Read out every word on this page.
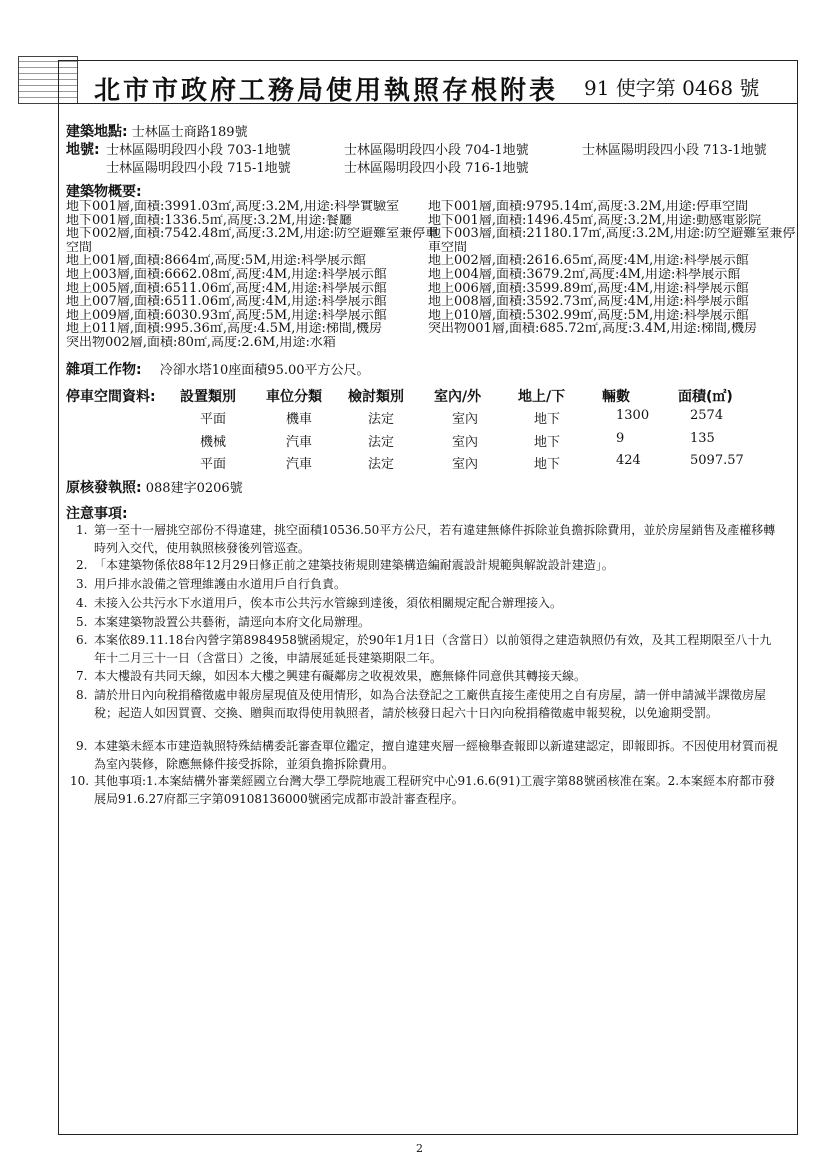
北市市政府工務局使用執照存根附表 91 使字第 0468 號
建築地點: 士林區士商路189號
地號: 士林區陽明段四小段 703-1地號	士林區陽明段四小段 704-1地號	士林區陽明段四小段 713-1地號
士林區陽明段四小段 715-1地號	士林區陽明段四小段 716-1地號
建築物概要:
地下001層,面積:3991.03㎡,高度:3.2M,用途:科學實驗室
地下001層,面積:1336.5㎡,高度:3.2M,用途:餐廳
地下002層,面積:7542.48㎡,高度:3.2M,用途:防空避難室兼停車
空間
地上001層,面積:8664㎡,高度:5M,用途:科學展示館
地上003層,面積:6662.08㎡,高度:4M,用途:科學展示館
地上005層,面積:6511.06㎡,高度:4M,用途:科學展示館
地上007層,面積:6511.06㎡,高度:4M,用途:科學展示館
地上009層,面積:6030.93㎡,高度:5M,用途:科學展示館
地上011層,面積:995.36㎡,高度:4.5M,用途:梯間,機房
突出物002層,面積:80㎡,高度:2.6M,用途:水箱
地下001層,面積:9795.14㎡,高度:3.2M,用途:停車空間
地下001層,面積:1496.45㎡,高度:3.2M,用途:動感電影院
地下003層,面積:21180.17㎡,高度:3.2M,用途:防空避難室兼停
車空間
地上002層,面積:2616.65㎡,高度:4M,用途:科學展示館
地上004層,面積:3679.2㎡,高度:4M,用途:科學展示館
地上006層,面積:3599.89㎡,高度:4M,用途:科學展示館
地上008層,面積:3592.73㎡,高度:4M,用途:科學展示館
地上010層,面積:5302.99㎡,高度:5M,用途:科學展示館
突出物001層,面積:685.72㎡,高度:3.4M,用途:梯間,機房
雜項工作物: 冷卻水塔10座面積95.00平方公尺。
停車空間資料: 設置類別 車位分類 檢討類別 室內/外	地上/下	輛數	面積(㎡)
平面	機車	法定	室內	地下	1300	2574
機械	汽車	法定	室內	地下	9	135
平面	汽車	法定	室內	地下	424	5097.57
原核發執照: 088建字0206號
注意事項:
1. 第一至十一層挑空部份不得違建，挑空面積10536.50平方公尺，若有違建無條件拆除並負擔拆除費用，並於房屋銷售及產權移轉時列入交代，使用執照核發後列管巡查。
2. 「本建築物係依88年12月29日修正前之建築技術規則建築構造編耐震設計規範與解說設計建造」。
3. 用戶排水設備之管理維護由水道用戶自行負責。
4. 未接入公共污水下水道用戶，俟本市公共污水管線到達後，須依相關規定配合辦理接入。
5. 本案建築物設置公共藝術，請逕向本府文化局辦理。
6. 本案依89.11.18台內營字第8984958號函規定，於90年1月1日（含當日）以前領得之建造執照仍有效，及其工程期限至八十九年十二月三十一日（含當日）之後，申請展延延長建築期限二年。
7. 本大樓設有共同天線，如因本大樓之興建有礙鄰房之收視效果，應無條件同意供其轉接天線。
8. 請於卅日內向稅捐稽徵處申報房屋現值及使用情形，如為合法登記之工廠供直接生產使用之自有房屋，請一併申請減半課徵房屋稅；起造人如因買賣、交換、贈與而取得使用執照者，請於核發日起六十日內向稅捐稽徵處申報契稅，以免逾期受罰。
9. 本建築未經本市建造執照特殊結構委託審查單位鑑定，擅自違建夾層一經檢舉查報即以新違建認定，即報即拆。不因使用材質而視為室內裝修，除應無條件接受拆除，並須負擔拆除費用。
10. 其他事項:1.本案結構外審業經國立台灣大學工學院地震工程研究中心91.6.6(91)工震字第88號函核准在案。2.本案經本府都市發展局91.6.27府都三字第09108136000號函完成都市設計審查程序。
2
